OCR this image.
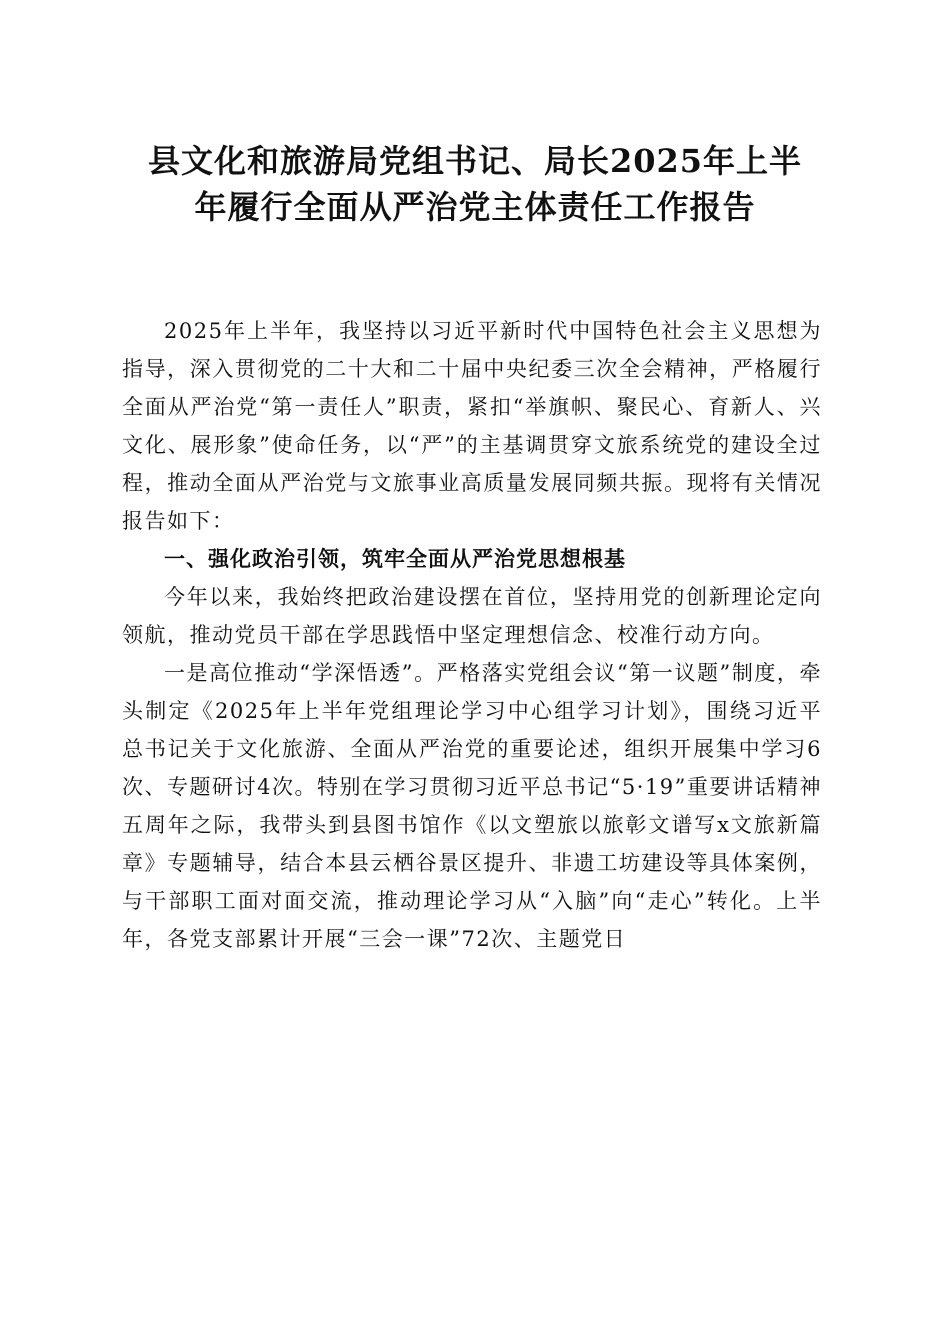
县文化和旅游局党组书记、局长2025年上半
年履行全面从严治党主体责任工作报告

2025年上半年，我坚持以习近平新时代中国特色社会主义思想为指导，深入贯彻党的二十大和二十届中央纪委三次全会精神，严格履行全面从严治党“第一责任人”职责，紧扣“举旗帜、聚民心、育新人、兴文化、展形象”使命任务，以“严”的主基调贯穿文旅系统党的建设全过程，推动全面从严治党与文旅事业高质量发展同频共振。现将有关情况报告如下：

一、强化政治引领，筑牢全面从严治党思想根基

今年以来，我始终把政治建设摆在首位，坚持用党的创新理论定向领航，推动党员干部在学思践悟中坚定理想信念、校准行动方向。

一是高位推动“学深悟透”。严格落实党组会议“第一议题”制度，牵头制定《2025年上半年党组理论学习中心组学习计划》，围绕习近平总书记关于文化旅游、全面从严治党的重要论述，组织开展集中学习6次、专题研讨4次。特别在学习贯彻习近平总书记“5·19”重要讲话精神五周年之际，我带头到县图书馆作《以文塑旅以旅彰文谱写x文旅新篇章》专题辅导，结合本县云栖谷景区提升、非遗工坊建设等具体案例，与干部职工面对面交流，推动理论学习从“入脑”向“走心”转化。上半年，各党支部累计开展“三会一课”72次、主题党日
